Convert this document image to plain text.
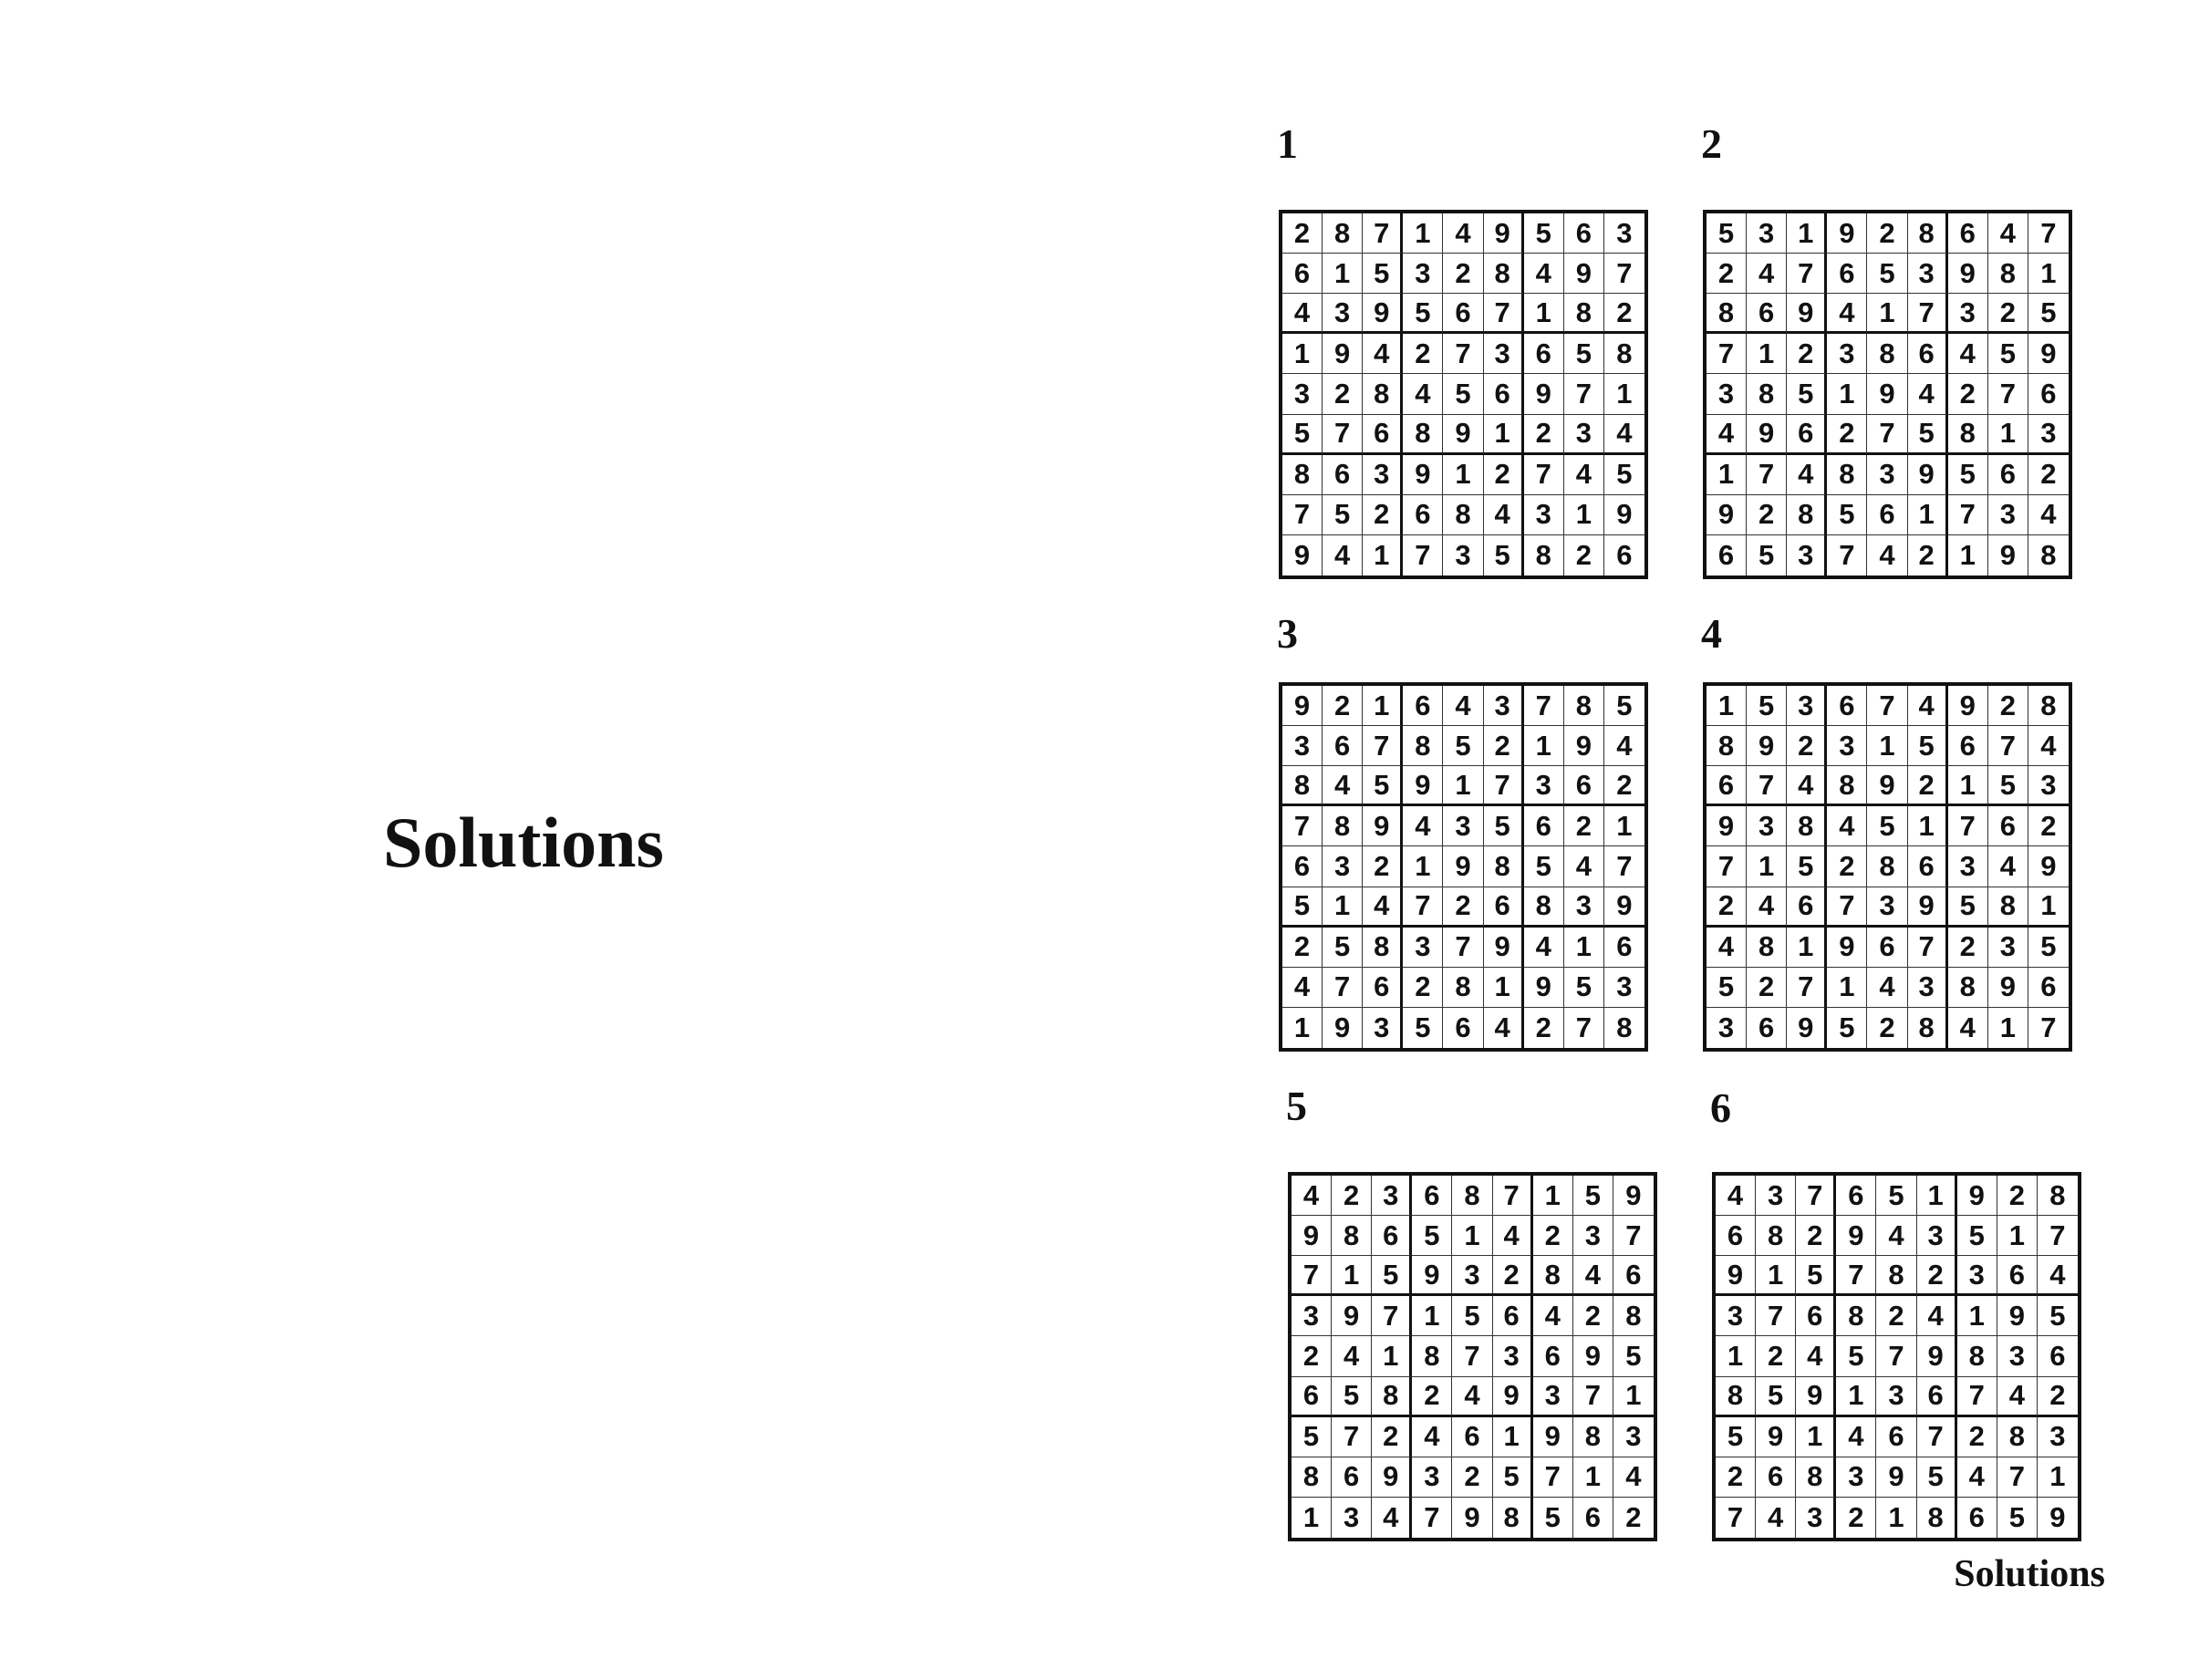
Solutions
1
2 8 7 1 4 9 5 6 3
6 1 5 3 2 8 4 9 7
4 3 9 5 6 7 1 8 2
1 9 4 2 7 3 6 5 8
3 2 8 4 5 6 9 7 1
5 7 6 8 9 1 2 3 4
8 6 3 9 1 2 7 4 5
7 5 2 6 8 4 3 1 9
9 4 1 7 3 5 8 2 6
2
5 3 1 9 2 8 6 4 7
2 4 7 6 5 3 9 8 1
8 6 9 4 1 7 3 2 5
7 1 2 3 8 6 4 5 9
3 8 5 1 9 4 2 7 6
4 9 6 2 7 5 8 1 3
1 7 4 8 3 9 5 6 2
9 2 8 5 6 1 7 3 4
6 5 3 7 4 2 1 9 8
3
9 2 1 6 4 3 7 8 5
3 6 7 8 5 2 1 9 4
8 4 5 9 1 7 3 6 2
7 8 9 4 3 5 6 2 1
6 3 2 1 9 8 5 4 7
5 1 4 7 2 6 8 3 9
2 5 8 3 7 9 4 1 6
4 7 6 2 8 1 9 5 3
1 9 3 5 6 4 2 7 8
4
1 5 3 6 7 4 9 2 8
8 9 2 3 1 5 6 7 4
6 7 4 8 9 2 1 5 3
9 3 8 4 5 1 7 6 2
7 1 5 2 8 6 3 4 9
2 4 6 7 3 9 5 8 1
4 8 1 9 6 7 2 3 5
5 2 7 1 4 3 8 9 6
3 6 9 5 2 8 4 1 7
5
4 2 3 6 8 7 1 5 9
9 8 6 5 1 4 2 3 7
7 1 5 9 3 2 8 4 6
3 9 7 1 5 6 4 2 8
2 4 1 8 7 3 6 9 5
6 5 8 2 4 9 3 7 1
5 7 2 4 6 1 9 8 3
8 6 9 3 2 5 7 1 4
1 3 4 7 9 8 5 6 2
6
4 3 7 6 5 1 9 2 8
6 8 2 9 4 3 5 1 7
9 1 5 7 8 2 3 6 4
3 7 6 8 2 4 1 9 5
1 2 4 5 7 9 8 3 6
8 5 9 1 3 6 7 4 2
5 9 1 4 6 7 2 8 3
2 6 8 3 9 5 4 7 1
7 4 3 2 1 8 6 5 9
Solutions
